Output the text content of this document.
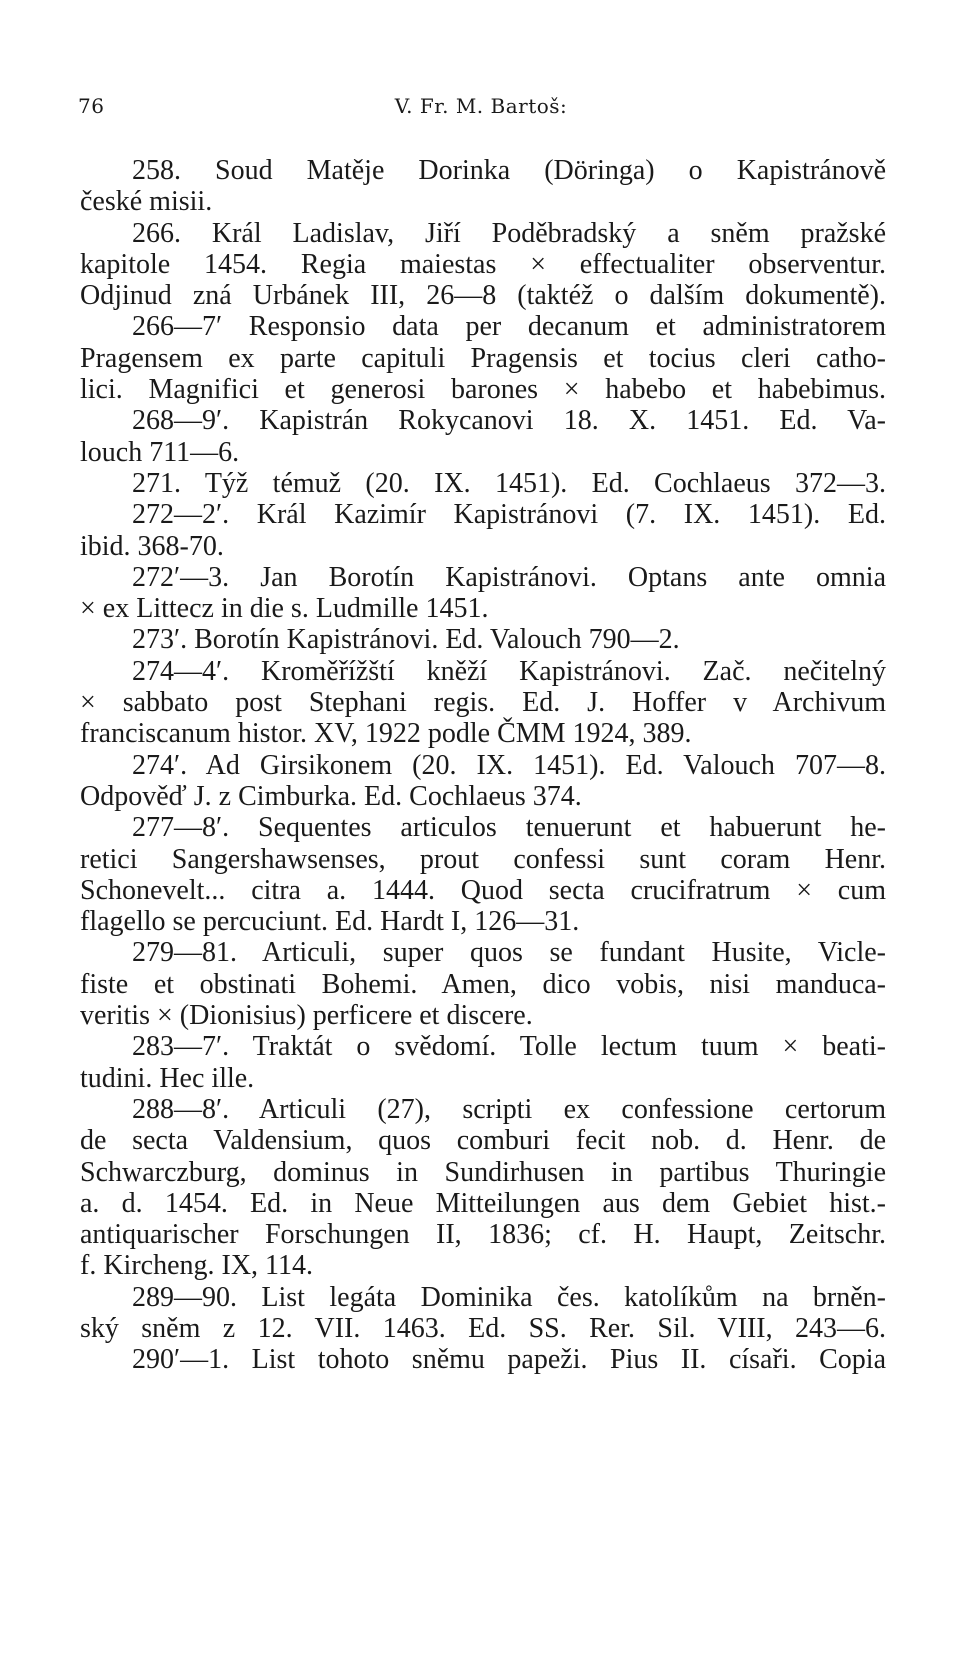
76	V. Fr. M. Bartoš:
258. Soud Matěje Dorinka (Döringa) o Kapistránově
české misii.
266. Král Ladislav, Jiří Poděbradský a sněm pražské
kapitole 1454. Regia maiestas × effectualiter observentur.
Odjinud zná Urbánek III, 26—8 (taktéž o dalším dokumentě).
266—7′ Responsio data per decanum et administratorem
Pragensem ex parte capituli Pragensis et tocius cleri catho-
lici. Magnifici et generosi barones × habebo et habebimus.
268—9′. Kapistrán Rokycanovi 18. X. 1451. Ed. Va-
louch 711—6.
271. Týž témuž (20. IX. 1451). Ed. Cochlaeus 372—3.
272—2′. Král Kazimír Kapistránovi (7. IX. 1451). Ed.
ibid. 368-70.
272′—3. Jan Borotín Kapistránovi. Optans ante omnia
× ex Littecz in die s. Ludmille 1451.
273′. Borotín Kapistránovi. Ed. Valouch 790—2.
274—4′. Kroměřížští kněží Kapistránovi. Zač. nečitelný
× sabbato post Stephani regis. Ed. J. Hoffer v Archivum
franciscanum histor. XV, 1922 podle ČMM 1924, 389.
274′. Ad Girsikonem (20. IX. 1451). Ed. Valouch 707—8.
Odpověď J. z Cimburka. Ed. Cochlaeus 374.
277—8′. Sequentes articulos tenuerunt et habuerunt he-
retici Sangershawsenses, prout confessi sunt coram Henr.
Schonevelt... citra a. 1444. Quod secta crucifratrum × cum
flagello se percuciunt. Ed. Hardt I, 126—31.
279—81. Articuli, super quos se fundant Husite, Vicle-
fiste et obstinati Bohemi. Amen, dico vobis, nisi manduca-
veritis × (Dionisius) perficere et discere.
283—7′. Traktát o svědomí. Tolle lectum tuum × beati-
tudini. Hec ille.
288—8′. Articuli (27), scripti ex confessione certorum
de secta Valdensium, quos comburi fecit nob. d. Henr. de
Schwarczburg, dominus in Sundirhusen in partibus Thuringie
a. d. 1454. Ed. in Neue Mitteilungen aus dem Gebiet hist.-
antiquarischer Forschungen II, 1836; cf. H. Haupt, Zeitschr.
f. Kircheng. IX, 114.
289—90. List legáta Dominika čes. katolíkům na brněn-
ský sněm z 12. VII. 1463. Ed. SS. Rer. Sil. VIII, 243—6.
290′—1. List tohoto sněmu papeži. Pius II. císaři. Copia
